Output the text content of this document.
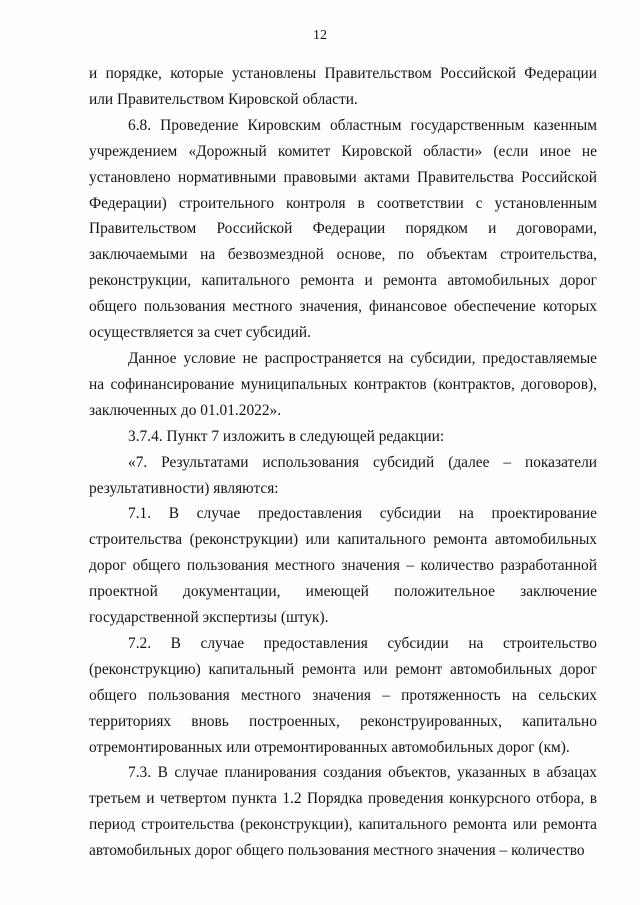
12

и порядке, которые установлены Правительством Российской Федерации или Правительством Кировской области.

6.8. Проведение Кировским областным государственным казенным учреждением «Дорожный комитет Кировской области» (если иное не установлено нормативными правовыми актами Правительства Российской Федерации) строительного контроля в соответствии с установленным Правительством Российской Федерации порядком и договорами, заключаемыми на безвозмездной основе, по объектам строительства, реконструкции, капитального ремонта и ремонта автомобильных дорог общего пользования местного значения, финансовое обеспечение которых осуществляется за счет субсидий.

Данное условие не распространяется на субсидии, предоставляемые на софинансирование муниципальных контрактов (контрактов, договоров), заключенных до 01.01.2022».

3.7.4. Пункт 7 изложить в следующей редакции:

«7. Результатами использования субсидий (далее – показатели результативности) являются:

7.1. В случае предоставления субсидии на проектирование строительства (реконструкции) или капитального ремонта автомобильных дорог общего пользования местного значения – количество разработанной проектной документации, имеющей положительное заключение государственной экспертизы (штук).

7.2. В случае предоставления субсидии на строительство (реконструкцию) капитальный ремонта или ремонт автомобильных дорог общего пользования местного значения – протяженность на сельских территориях вновь построенных, реконструированных, капитально отремонтированных или отремонтированных автомобильных дорог (км).

7.3. В случае планирования создания объектов, указанных в абзацах третьем и четвертом пункта 1.2 Порядка проведения конкурсного отбора, в период строительства (реконструкции), капитального ремонта или ремонта автомобильных дорог общего пользования местного значения – количество
